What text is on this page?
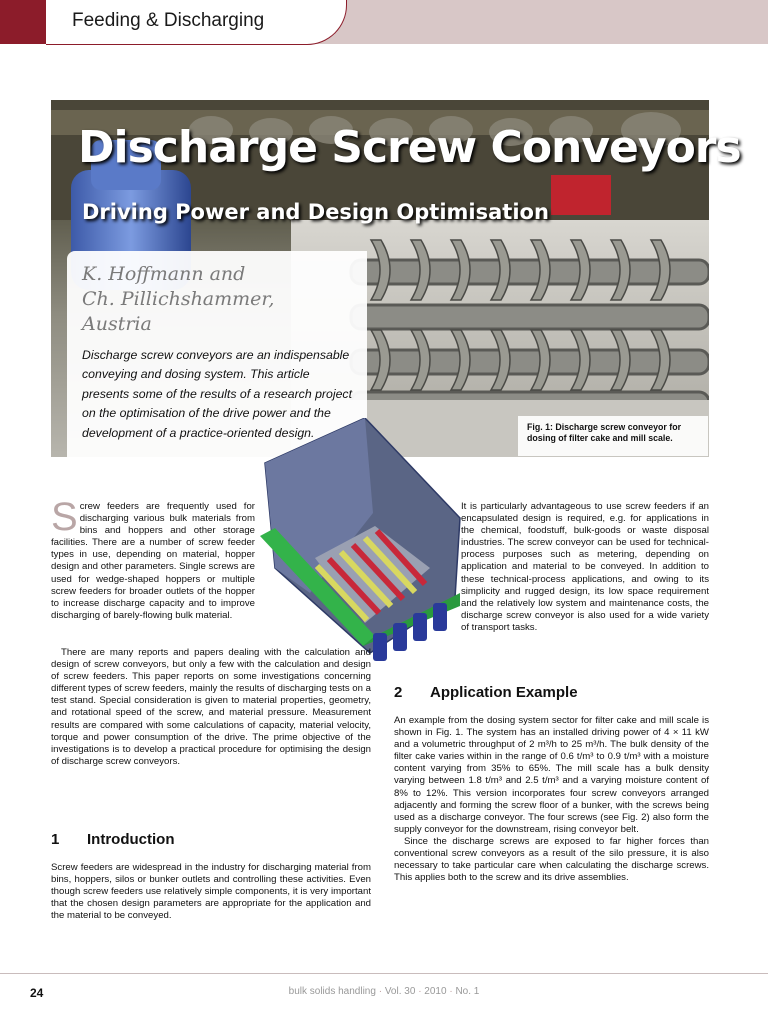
Feeding & Discharging
Discharge Screw Conveyors
Driving Power and Design Optimisation
K. Hoffmann and
Ch. Pillichshammer,
Austria
Discharge screw conveyors are an indispensable conveying and dosing system. This article presents some of the results of a research project on the optimisation of the drive power and the development of a practice-oriented design.	Fig. 1: Discharge screw conveyor for dosing of filter cake and mill scale.

Screw feeders are frequently used for discharging various bulk materials from bins and hoppers and other storage facilities. There are a number of screw feeder types in use, depending on material, hopper design and other parameters. Single screws are used for wedge-shaped hoppers or multiple screw feeders for broader outlets of the hopper to increase discharge capacity and to improve discharging of barely-flowing bulk material.

There are many reports and papers dealing with the calculation and design of screw conveyors, but only a few with the calculation and design of screw feeders. This paper reports on some investigations concerning different types of screw feeders, mainly the results of discharging tests on a test stand. Special consideration is given to material properties, geometry, and rotational speed of the screw, and material pressure. Measurement results are compared with some calculations of capacity, material velocity, torque and power consumption of the drive. The prime objective of the investigations is to develop a practical procedure for optimising the design of discharge screw conveyors.

1 Introduction

Screw feeders are widespread in the industry for discharging material from bins, hoppers, silos or bunker outlets and controlling these activities. Even though screw feeders use relatively simple components, it is very important that the chosen design parameters are appropriate for the application and the material to be conveyed.

It is particularly advantageous to use screw feeders if an encapsulated design is required, e.g. for applications in the chemical, foodstuff, bulk-goods or waste disposal industries. The screw conveyor can be used for technical-process purposes such as metering, depending on application and material to be conveyed. In addition to these technical-process applications, and owing to its simplicity and rugged design, its low space requirement and the relatively low system and maintenance costs, the discharge screw conveyor is also used for a wide variety of transport tasks.

2 Application Example

An example from the dosing system sector for filter cake and mill scale is shown in Fig. 1. The system has an installed driving power of 4 × 11 kW and a volumetric throughput of 2 m³/h to 25 m³/h. The bulk density of the filter cake varies within in the range of 0.6 t/m³ to 0.9 t/m³ with a moisture content varying from 35% to 65%. The mill scale has a bulk density varying between 1.8 t/m³ and 2.5 t/m³ and a varying moisture content of 8% to 12%. This version incorporates four screw conveyors arranged adjacently and forming the screw floor of a bunker, with the screws being used as a discharge conveyor. The four screws (see Fig. 2) also form the supply conveyor for the downstream, rising conveyor belt.

Since the discharge screws are exposed to far higher forces than conventional screw conveyors as a result of the silo pressure, it is also necessary to take particular care when calculating the discharge screws. This applies both to the screw and its drive assemblies.

24	bulk solids handling · Vol. 30 · 2010 · No. 1
